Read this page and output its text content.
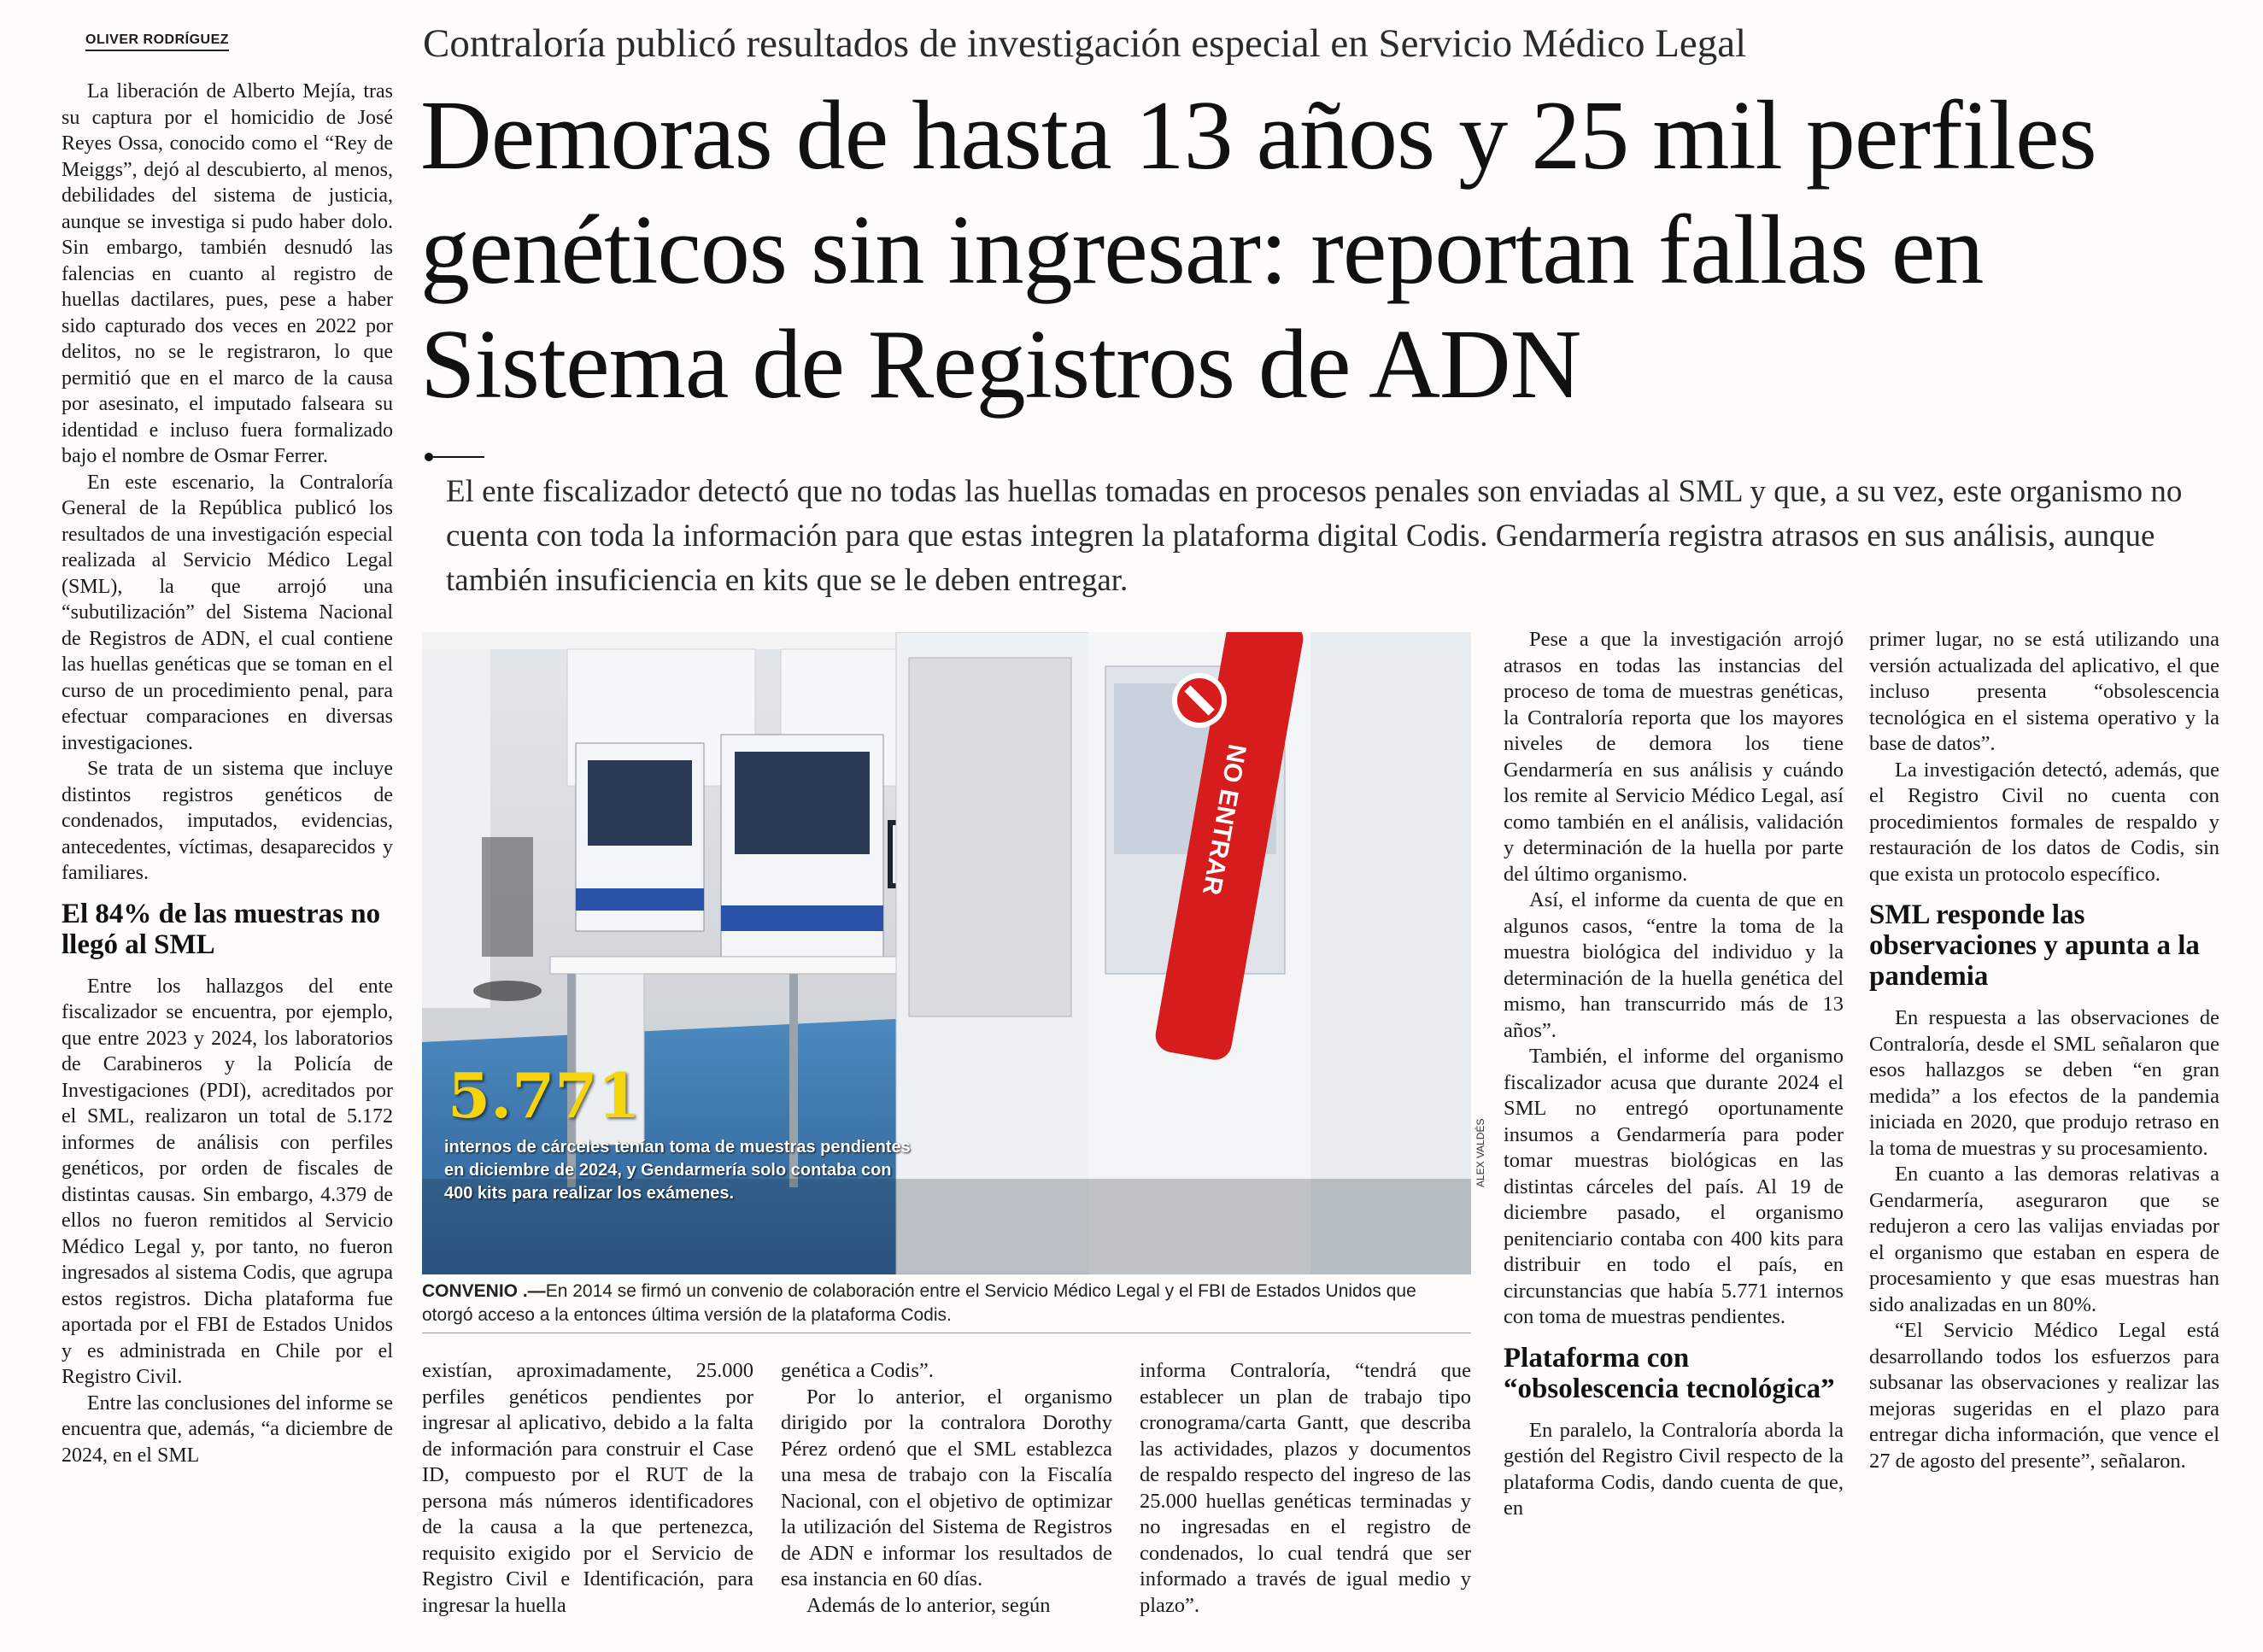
OLIVER RODRÍGUEZ	Contraloría publicó resultados de investigación especial en Servicio Médico Legal
Demoras de hasta 13 años y 25 mil perfiles genéticos sin ingresar: reportan fallas en Sistema de Registros de ADN
El ente fiscalizador detectó que no todas las huellas tomadas en procesos penales son enviadas al SML y que, a su vez, este organismo no cuenta con toda la información para que estas integren la plataforma digital Codis. Gendarmería registra atrasos en sus análisis, aunque también insuficiencia en kits que se le deben entregar.

La liberación de Alberto Mejía, tras su captura por el homicidio de José Reyes Ossa, conocido como el “Rey de Meiggs”, dejó al descubierto, al menos, debilidades del sistema de justicia, aunque se investiga si pudo haber dolo. Sin embargo, también desnudó las falencias en cuanto al registro de huellas dactilares, pues, pese a haber sido capturado dos veces en 2022 por delitos, no se le registraron, lo que permitió que en el marco de la causa por asesinato, el imputado falseara su identidad e incluso fuera formalizado bajo el nombre de Osmar Ferrer.

En este escenario, la Contraloría General de la República publicó los resultados de una investigación especial realizada al Servicio Médico Legal (SML), la que arrojó una “subutilización” del Sistema Nacional de Registros de ADN, el cual contiene las huellas genéticas que se toman en el curso de un procedimiento penal, para efectuar comparaciones en diversas investigaciones.

Se trata de un sistema que incluye distintos registros genéticos de condenados, imputados, evidencias, antecedentes, víctimas, desaparecidos y familiares.

El 84% de las muestras no llegó al SML

Entre los hallazgos del ente fiscalizador se encuentra, por ejemplo, que entre 2023 y 2024, los laboratorios de Carabineros y la Policía de Investigaciones (PDI), acreditados por el SML, realizaron un total de 5.172 informes de análisis con perfiles genéticos, por orden de fiscales de distintas causas. Sin embargo, 4.379 de ellos no fueron remitidos al Servicio Médico Legal y, por tanto, no fueron ingresados al sistema Codis, que agrupa estos registros. Dicha plataforma fue aportada por el FBI de Estados Unidos y es administrada en Chile por el Registro Civil.

Entre las conclusiones del informe se encuentra que, además, “a diciembre de 2024, en el SML

NO ENTRAR
5.771
internos de cárceles tenían toma de muestras pendientes en diciembre de 2024, y Gendarmería solo contaba con 400 kits para realizar los exámenes.
ALEX VALDÉS
CONVENIO .—En 2014 se firmó un convenio de colaboración entre el Servicio Médico Legal y el FBI de Estados Unidos que otorgó acceso a la entonces última versión de la plataforma Codis.

existían, aproximadamente, 25.000 perfiles genéticos pendientes por ingresar al aplicativo, debido a la falta de información para construir el Case ID, compuesto por el RUT de la persona más números identificadores de la causa a la que pertenezca, requisito exigido por el Servicio de Registro Civil e Identificación, para ingresar la huella

genética a Codis”.

Por lo anterior, el organismo dirigido por la contralora Dorothy Pérez ordenó que el SML establezca una mesa de trabajo con la Fiscalía Nacional, con el objetivo de optimizar la utilización del Sistema de Registros de ADN e informar los resultados de esa instancia en 60 días.

Además de lo anterior, según

informa Contraloría, “tendrá que establecer un plan de trabajo tipo cronograma/carta Gantt, que describa las actividades, plazos y documentos de respaldo respecto del ingreso de las 25.000 huellas genéticas terminadas y no ingresadas en el registro de condenados, lo cual tendrá que ser informado a través de igual medio y plazo”.

Pese a que la investigación arrojó atrasos en todas las instancias del proceso de toma de muestras genéticas, la Contraloría reporta que los mayores niveles de demora los tiene Gendarmería en sus análisis y cuándo los remite al Servicio Médico Legal, así como también en el análisis, validación y determinación de la huella por parte del último organismo.

Así, el informe da cuenta de que en algunos casos, “entre la toma de la muestra biológica del individuo y la determinación de la huella genética del mismo, han transcurrido más de 13 años”.

También, el informe del organismo fiscalizador acusa que durante 2024 el SML no entregó oportunamente insumos a Gendarmería para poder tomar muestras biológicas en las distintas cárceles del país. Al 19 de diciembre pasado, el organismo penitenciario contaba con 400 kits para distribuir en todo el país, en circunstancias que había 5.771 internos con toma de muestras pendientes.

Plataforma con “obsolescencia tecnológica”

En paralelo, la Contraloría aborda la gestión del Registro Civil respecto de la plataforma Codis, dando cuenta de que, en

primer lugar, no se está utilizando una versión actualizada del aplicativo, el que incluso presenta “obsolescencia tecnológica en el sistema operativo y la base de datos”.

La investigación detectó, además, que el Registro Civil no cuenta con procedimientos formales de respaldo y restauración de los datos de Codis, sin que exista un protocolo específico.

SML responde las observaciones y apunta a la pandemia

En respuesta a las observaciones de Contraloría, desde el SML señalaron que esos hallazgos se deben “en gran medida” a los efectos de la pandemia iniciada en 2020, que produjo retraso en la toma de muestras y su procesamiento.

En cuanto a las demoras relativas a Gendarmería, aseguraron que se redujeron a cero las valijas enviadas por el organismo que estaban en espera de procesamiento y que esas muestras han sido analizadas en un 80%.

“El Servicio Médico Legal está desarrollando todos los esfuerzos para subsanar las observaciones y realizar las mejoras sugeridas en el plazo para entregar dicha información, que vence el 27 de agosto del presente”, señalaron.
